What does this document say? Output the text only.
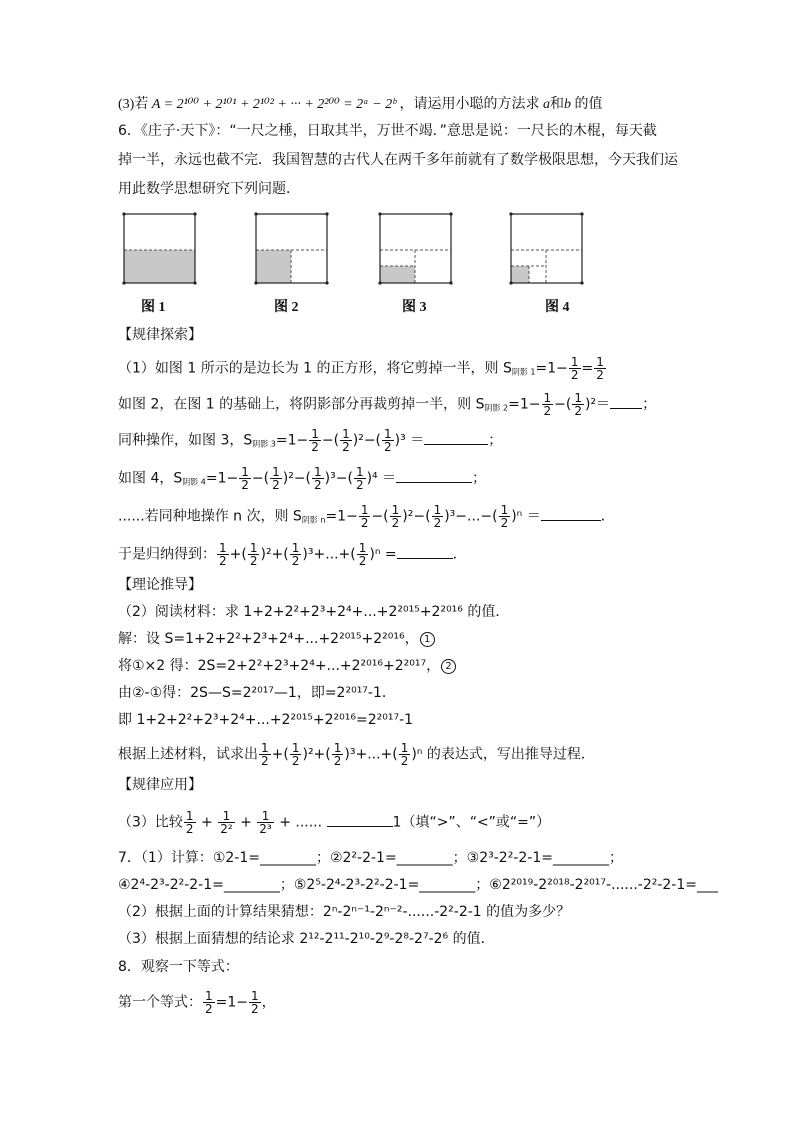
(3)若 A = 2¹⁰⁰ + 2¹⁰¹ + 2¹⁰² + ··· + 2²⁰⁰ = 2ᵃ − 2ᵇ ，请运用小聪的方法求 a和b 的值
6．《庄子·天下》：“一尺之棰，日取其半，万世不竭．”意思是说：一尺长的木棍，每天截
掉一半，永远也截不完．我国智慧的古代人在两千多年前就有了数学极限思想，今天我们运
用此数学思想研究下列问题．
图 1	图 2	图 3	图 4
【规律探索】
（1）如图 1 所示的是边长为 1 的正方形，将它剪掉一半，则 $S_{阴影 1}=1- \frac{1}{2} = \frac{1}{2}$
如图 2，在图 1 的基础上，将阴影部分再裁剪掉一半，则 $S_{阴影 2}=1- \frac{1}{2}$ −( $\frac{1}{2} )^2=$ ；
同种操作，如图 3，$S_{阴影 3}=1- \frac{1}{2}$ −( $\frac{1}{2} )^2-( \frac{1}{2} )^3$ ＝	；
如图 4，$S_{阴影 4}=1- \frac{1}{2}$ −( $\frac{1}{2} )^2-( \frac{1}{2} )^3-( \frac{1}{2} )^4$ ＝	；
......若同种地操作 n 次，则 $S_{阴影 n}=1- \frac{1}{2}$ −( $\frac{1}{2} )^2-( \frac{1}{2} )^3-...-( \frac{1}{2} )^n$ ＝	．
于是归纳得到： $\frac{1}{2}$ +( $\frac{1}{2} )^2+( \frac{1}{2} )^3+...+( \frac{1}{2} )^n$ =	．
【理论推导】
（2）阅读材料：求 1+2+2²+2³+2⁴+...+2²⁰¹⁵+2²⁰¹⁶ 的值．
解：设 S=1+2+2²+2³+2⁴+...+2²⁰¹⁵+2²⁰¹⁶， 1
将①×2 得：2S=2+2²+2³+2⁴+...+2²⁰¹⁶+2²⁰¹⁷， 2
由②-①得：2S—S=2²⁰¹⁷—1，即=2²⁰¹⁷-1．
即 1+2+2²+2³+2⁴+...+2²⁰¹⁵+2²⁰¹⁶=2²⁰¹⁷-1
根据上述材料，试求出 $\frac{1}{2}$ +( $\frac{1}{2} )^2+( \frac{1}{2} )^3+...+( \frac{1}{2} )^n$ 的表达式，写出推导过程．
【规律应用】
（3）比较 $\frac{1}{2} + \frac{1}{\text{2²}} + \frac{1}{\text{2³}}$ + ......	1（填“>”、“<”或“=”）
7．（1）计算：①2-1=________；②2²-2-1=________；③2³-2²-2-1=________；
④2⁴-2³-2²-2-1=________；⑤2⁵-2⁴-2³-2²-2-1=________；⑥2²⁰¹⁹-2²⁰¹⁸-2²⁰¹⁷-......-2²-2-1=___
（2）根据上面的计算结果猜想：2ⁿ-2ⁿ⁻¹-2ⁿ⁻²-......-2²-2-1 的值为多少？
（3）根据上面猜想的结论求 2¹²-2¹¹-2¹⁰-2⁹-2⁸-2⁷-2⁶ 的值．
8．观察一下等式：
第一个等式： $\frac{1}{2} =1- \frac{1}{2}$ ，
